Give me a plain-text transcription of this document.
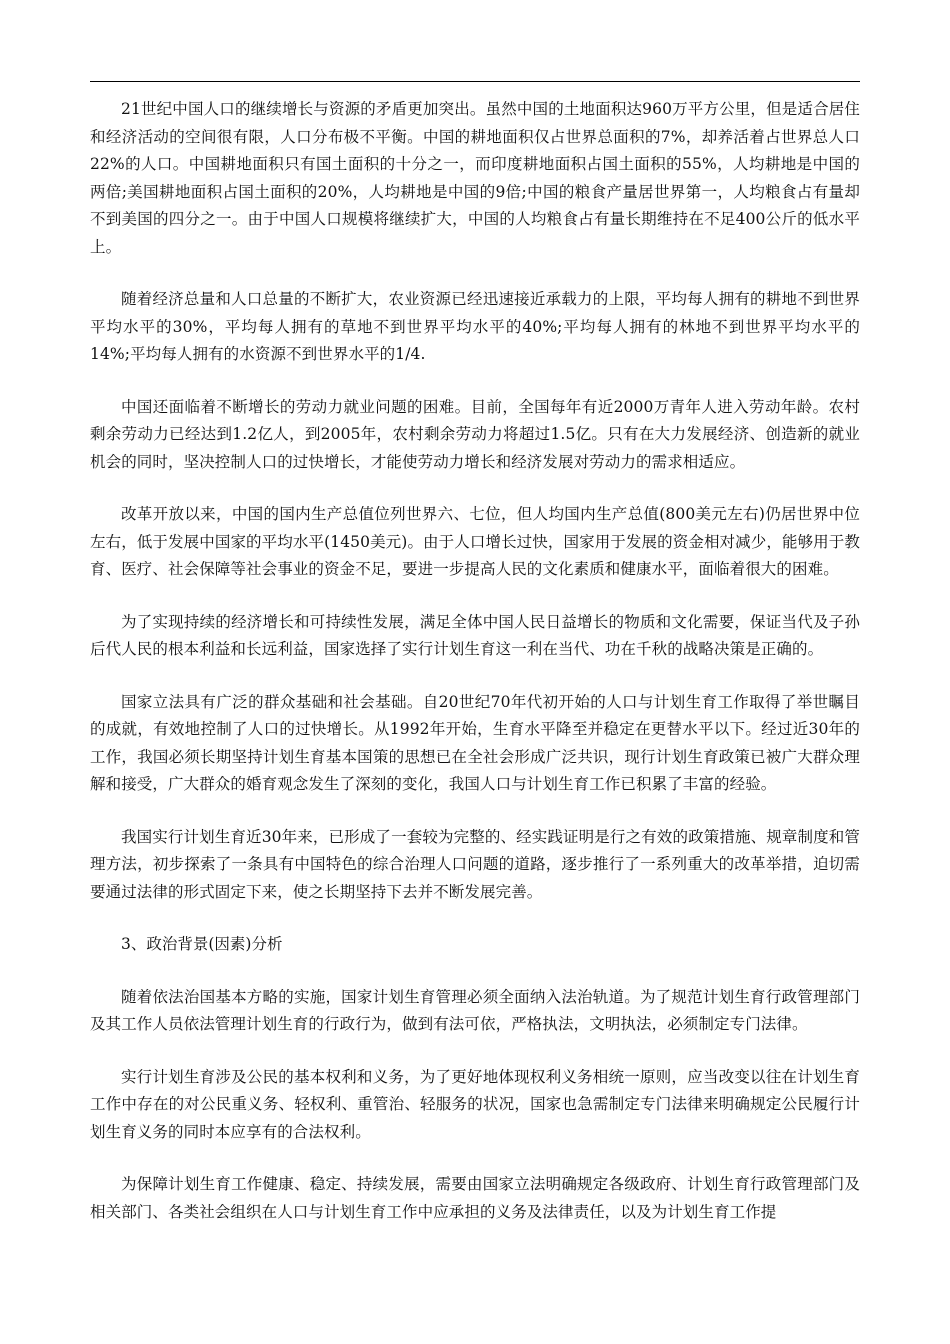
21世纪中国人口的继续增长与资源的矛盾更加突出。虽然中国的土地面积达960万平方公里，但是适合居住和经济活动的空间很有限，人口分布极不平衡。中国的耕地面积仅占世界总面积的7%，却养活着占世界总人口22%的人口。中国耕地面积只有国土面积的十分之一，而印度耕地面积占国土面积的55%，人均耕地是中国的两倍;美国耕地面积占国土面积的20%，人均耕地是中国的9倍;中国的粮食产量居世界第一，人均粮食占有量却不到美国的四分之一。由于中国人口规模将继续扩大，中国的人均粮食占有量长期维持在不足400公斤的低水平上。

随着经济总量和人口总量的不断扩大，农业资源已经迅速接近承载力的上限，平均每人拥有的耕地不到世界平均水平的30%，平均每人拥有的草地不到世界平均水平的40%;平均每人拥有的林地不到世界平均水平的14%;平均每人拥有的水资源不到世界水平的1/4.

中国还面临着不断增长的劳动力就业问题的困难。目前，全国每年有近2000万青年人进入劳动年龄。农村剩余劳动力已经达到1.2亿人，到2005年，农村剩余劳动力将超过1.5亿。只有在大力发展经济、创造新的就业机会的同时，坚决控制人口的过快增长，才能使劳动力增长和经济发展对劳动力的需求相适应。

改革开放以来，中国的国内生产总值位列世界六、七位，但人均国内生产总值(800美元左右)仍居世界中位左右，低于发展中国家的平均水平(1450美元)。由于人口增长过快，国家用于发展的资金相对减少，能够用于教育、医疗、社会保障等社会事业的资金不足，要进一步提高人民的文化素质和健康水平，面临着很大的困难。

为了实现持续的经济增长和可持续性发展，满足全体中国人民日益增长的物质和文化需要，保证当代及子孙后代人民的根本利益和长远利益，国家选择了实行计划生育这一利在当代、功在千秋的战略决策是正确的。

国家立法具有广泛的群众基础和社会基础。自20世纪70年代初开始的人口与计划生育工作取得了举世瞩目的成就，有效地控制了人口的过快增长。从1992年开始，生育水平降至并稳定在更替水平以下。经过近30年的工作，我国必须长期坚持计划生育基本国策的思想已在全社会形成广泛共识，现行计划生育政策已被广大群众理解和接受，广大群众的婚育观念发生了深刻的变化，我国人口与计划生育工作已积累了丰富的经验。

我国实行计划生育近30年来，已形成了一套较为完整的、经实践证明是行之有效的政策措施、规章制度和管理方法，初步探索了一条具有中国特色的综合治理人口问题的道路，逐步推行了一系列重大的改革举措，迫切需要通过法律的形式固定下来，使之长期坚持下去并不断发展完善。

3、政治背景(因素)分析

随着依法治国基本方略的实施，国家计划生育管理必须全面纳入法治轨道。为了规范计划生育行政管理部门及其工作人员依法管理计划生育的行政行为，做到有法可依，严格执法，文明执法，必须制定专门法律。

实行计划生育涉及公民的基本权利和义务，为了更好地体现权利义务相统一原则，应当改变以往在计划生育工作中存在的对公民重义务、轻权利、重管治、轻服务的状况，国家也急需制定专门法律来明确规定公民履行计划生育义务的同时本应享有的合法权利。

为保障计划生育工作健康、稳定、持续发展，需要由国家立法明确规定各级政府、计划生育行政管理部门及相关部门、各类社会组织在人口与计划生育工作中应承担的义务及法律责任，以及为计划生育工作提
